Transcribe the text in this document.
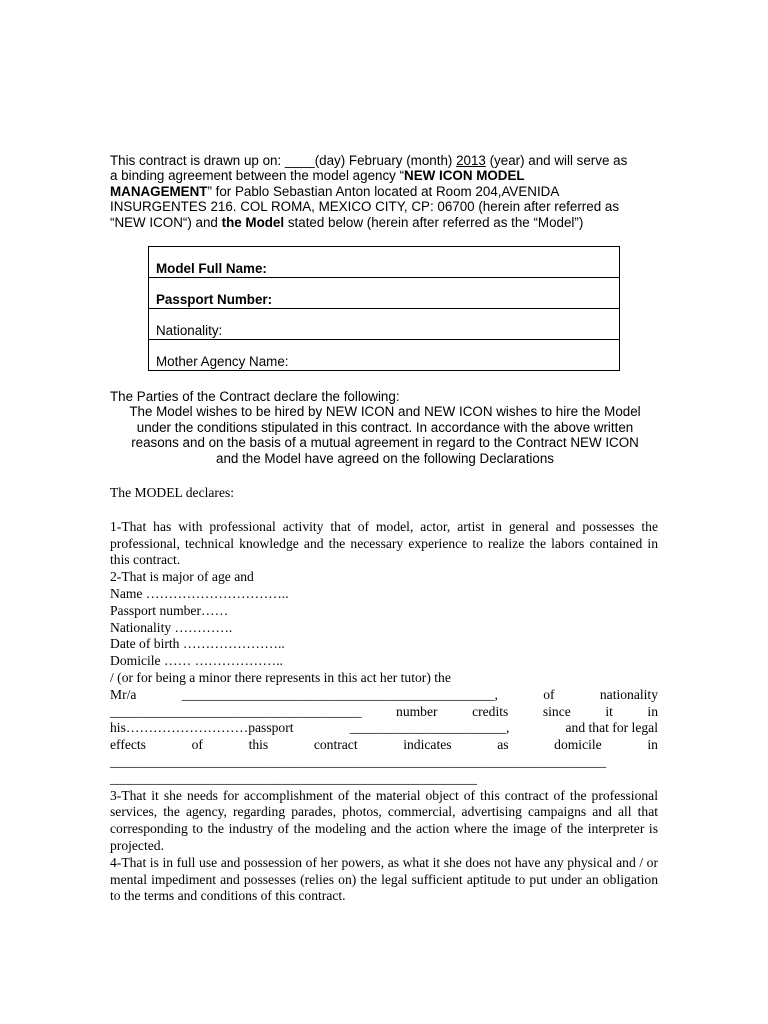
This contract is drawn up on: ____(day) February (month) 2013 (year) and will serve as

a binding agreement between the model agency “NEW ICON MODEL

MANAGEMENT” for Pablo Sebastian Anton located at Room 204,AVENIDA

INSURGENTES 216. COL ROMA, MEXICO CITY, CP: 06700 (herein after referred as

“NEW ICON“) and the Model stated below (herein after referred as the “Model”)

Model Full Name:

Passport Number:

Nationality:

Mother Agency Name:

The Parties of the Contract declare the following:

The Model wishes to be hired by NEW ICON and NEW ICON wishes to hire the Model

under the conditions stipulated in this contract. In accordance with the above written

reasons and on the basis of a mutual agreement in regard to the Contract NEW ICON

and the Model have agreed on the following Declarations

The MODEL declares:

1-That has with professional activity that of model, actor, artist in general and possesses the professional, technical knowledge and the necessary experience to realize the labors contained in this contract.

2-That is major of age and

Name …………………………..

Passport number……

Nationality ………….

Date of birth …………………..

Domicile …… ………………..

/ (or for being a minor there represents in this act her tutor) the

Mr/a	______________________________________________,	of	nationality
_____________________________________	number	credits	since	it	in
his………………………passport	_______________________,	and that for legal
effects	of	this	contract	indicates	as	domicile	in

_________________________________________________________________________

______________________________________________________

3-That it she needs for accomplishment of the material object of this contract of the professional services, the agency, regarding parades, photos, commercial, advertising campaigns and all that corresponding to the industry of the modeling and the action where the image of the interpreter is projected.

4-That is in full use and possession of her powers, as what it she does not have any physical and / or mental impediment and possesses (relies on) the legal sufficient aptitude to put under an obligation to the terms and conditions of this contract.
